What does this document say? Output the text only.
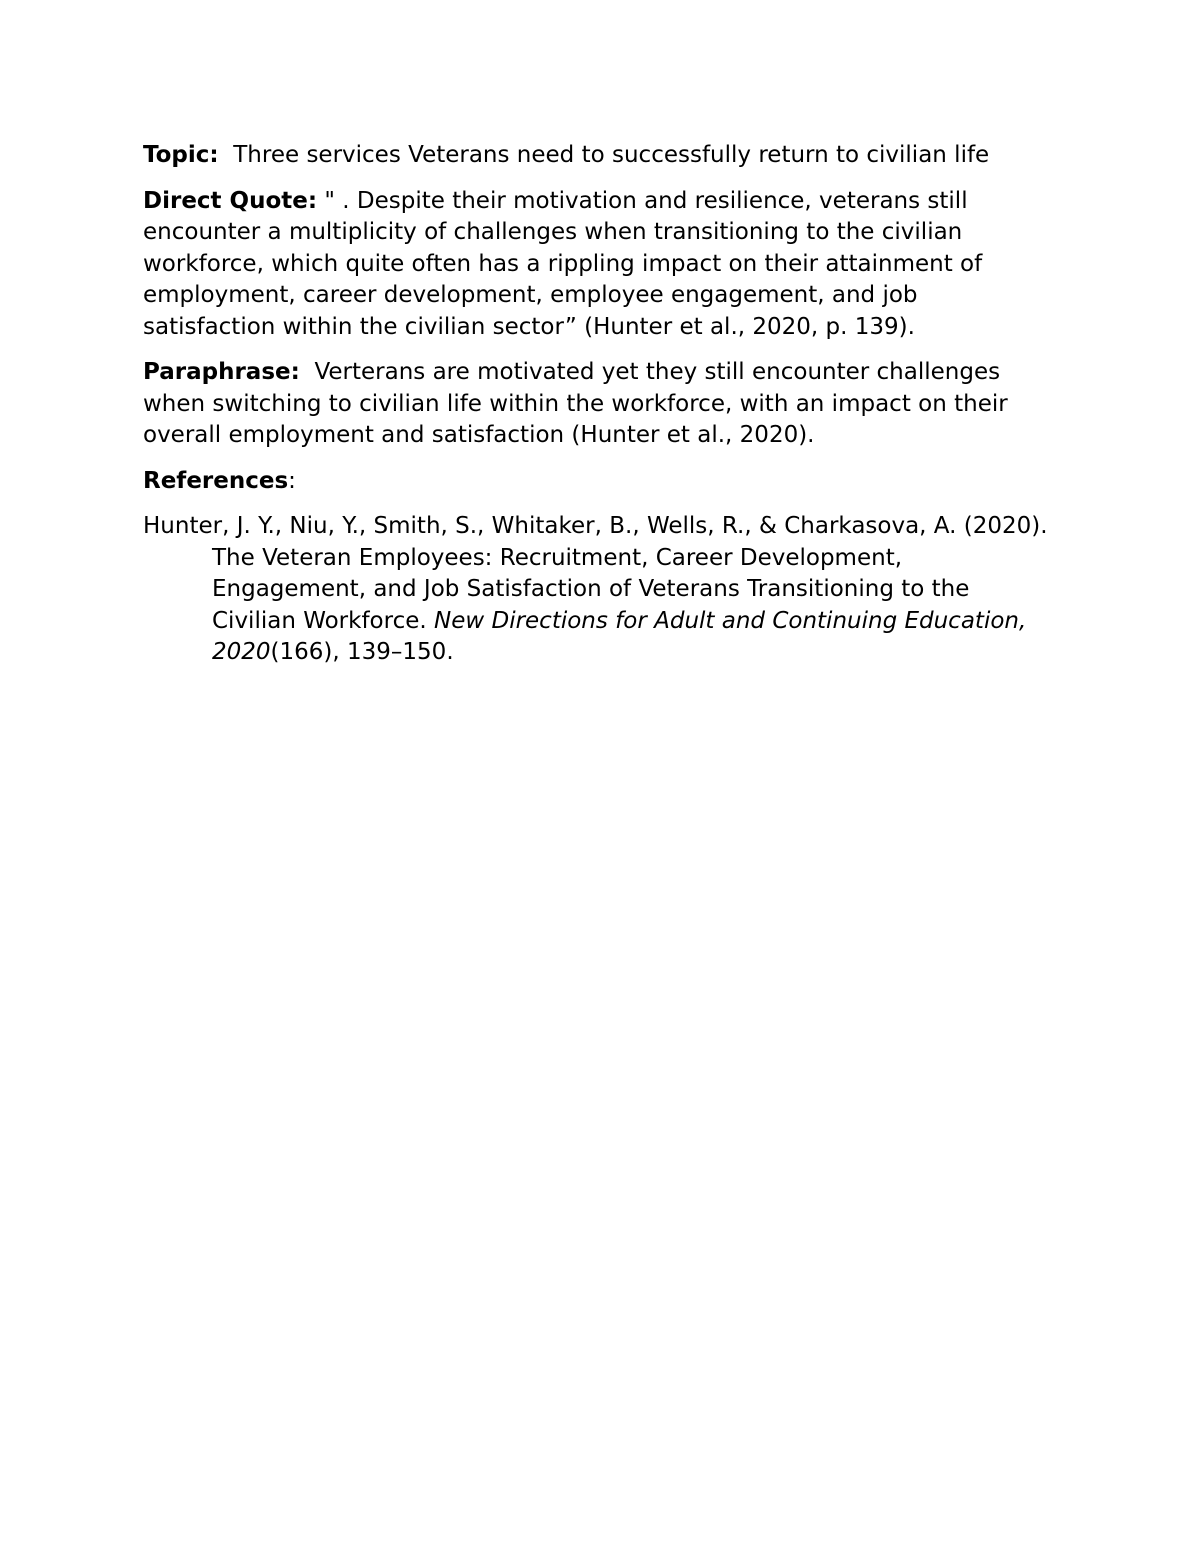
Topic: Three services Veterans need to successfully return to civilian life

Direct Quote: " . Despite their motivation and resilience, veterans still encounter a multiplicity of challenges when transitioning to the civilian workforce, which quite often has a rippling impact on their attainment of employment, career development, employee engagement, and job satisfaction within the civilian sector” (Hunter et al., 2020, p. 139).

Paraphrase: Verterans are motivated yet they still encounter challenges when switching to civilian life within the workforce, with an impact on their overall employment and satisfaction (Hunter et al., 2020).

References:

Hunter, J. Y., Niu, Y., Smith, S., Whitaker, B., Wells, R., & Charkasova, A. (2020). The Veteran Employees: Recruitment, Career Development, Engagement, and Job Satisfaction of Veterans Transitioning to the Civilian Workforce. New Directions for Adult and Continuing Education, 2020(166), 139–150.
